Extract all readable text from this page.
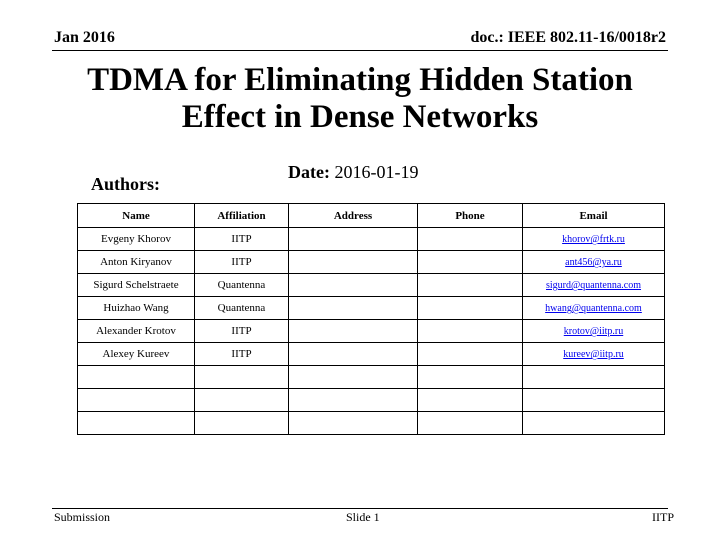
Jan 2016	doc.: IEEE 802.11-16/0018r2
TDMA for Eliminating Hidden Station
Effect in Dense Networks
Date: 2016-01-19
Authors:
Name	Affiliation	Address	Phone	Email
Evgeny Khorov	IITP			khorov@frtk.ru
Anton Kiryanov	IITP			ant456@ya.ru
Sigurd Schelstraete	Quantenna			sigurd@quantenna.com
Huizhao Wang	Quantenna			hwang@quantenna.com
Alexander Krotov	IITP			krotov@iitp.ru
Alexey Kureev	IITP			kureev@iitp.ru

Submission	Slide 1	IITP
